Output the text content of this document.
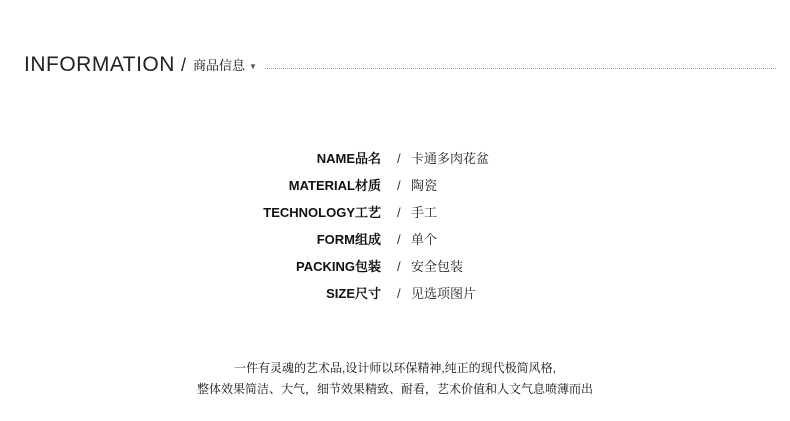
INFORMATION / 商品信息 ▼
NAME品名 / 卡通多肉花盆
MATERIAL材质 / 陶瓷
TECHNOLOGY工艺 / 手工
FORM组成 / 单个
PACKING包装 / 安全包装
SIZE尺寸 / 见选项图片
一件有灵魂的艺术品,设计师以环保精神,纯正的现代极简风格,
整体效果简洁、大气，细节效果精致、耐看，艺术价值和人文气息喷薄而出
